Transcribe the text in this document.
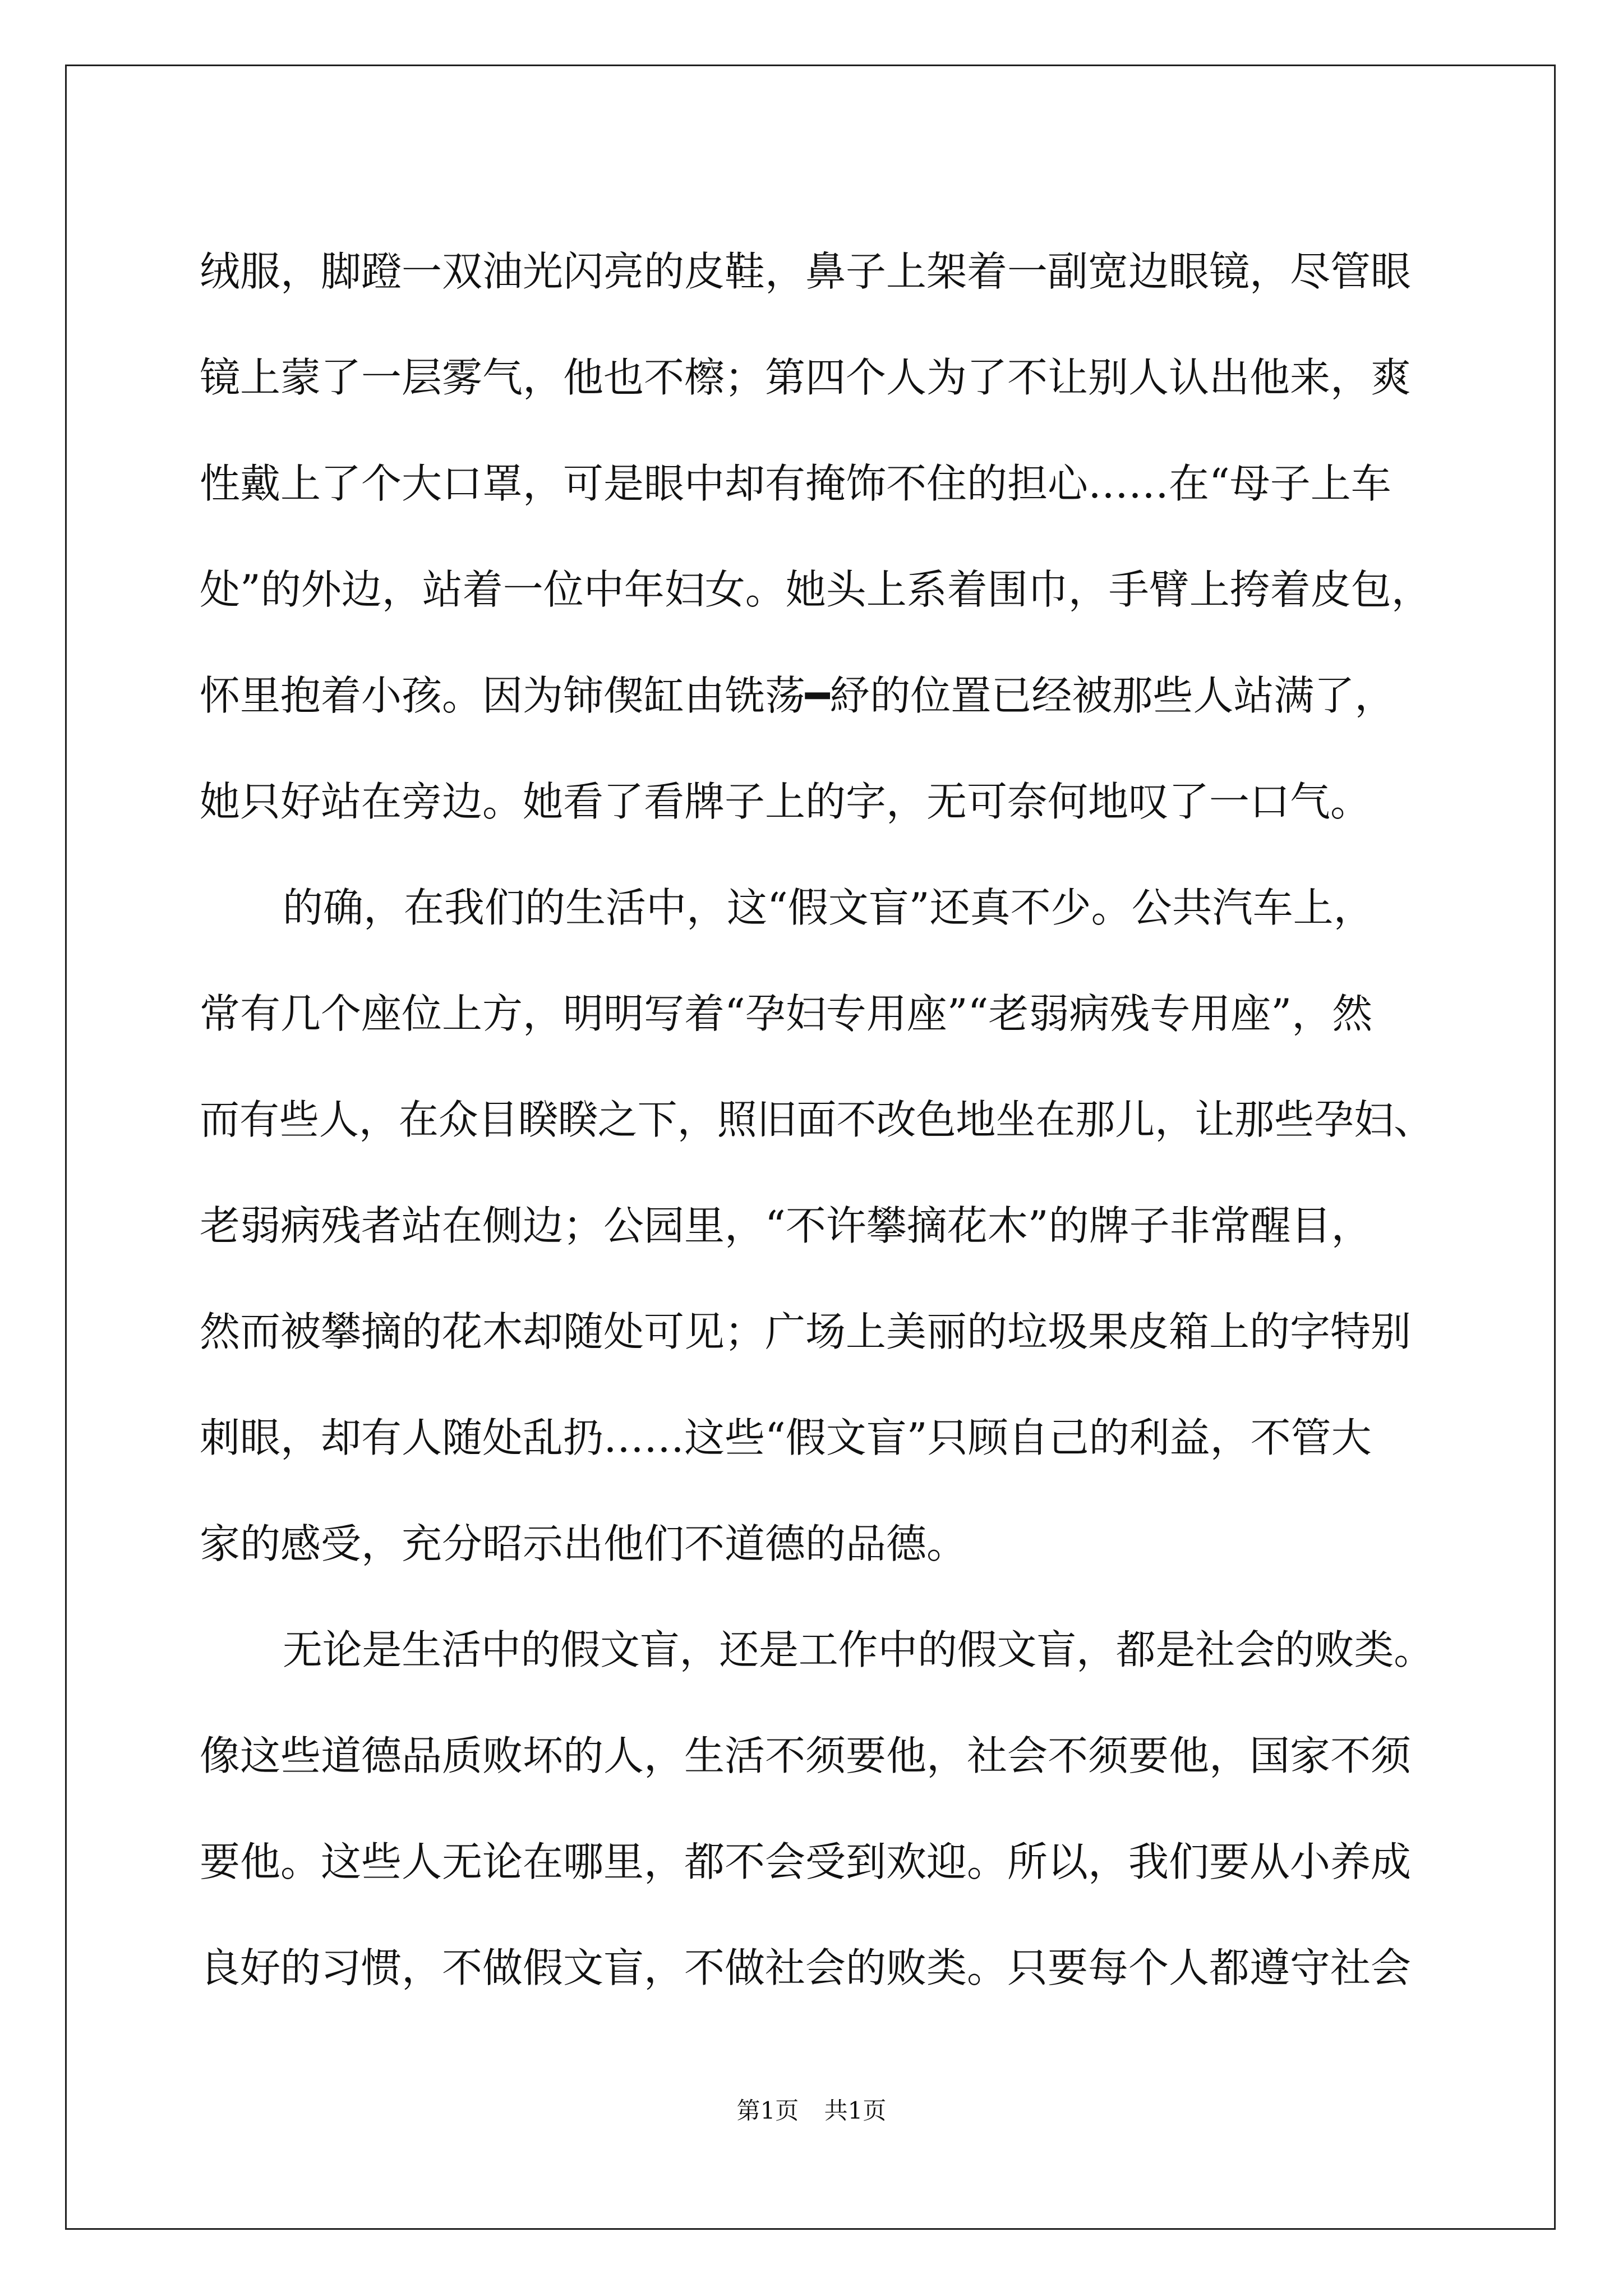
绒服，脚蹬一双油光闪亮的皮鞋，鼻子上架着一副宽边眼镜，尽管眼
镜上蒙了一层雾气，他也不檫；第四个人为了不让别人认出他来，爽
性戴上了个大口罩，可是眼中却有掩饰不住的担心……在“母子上车
处”的外边，站着一位中年妇女。她头上系着围巾，手臂上挎着皮包，
怀里抱着小孩。因为铈偰缸由铣荡━紓的位置已经被那些人站满了，
她只好站在旁边。她看了看牌子上的字，无可奈何地叹了一口气。
的确，在我们的生活中，这“假文盲”还真不少。公共汽车上，
常有几个座位上方，明明写着“孕妇专用座”“老弱病残专用座”，然
而有些人，在众目睽睽之下，照旧面不改色地坐在那儿，让那些孕妇、
老弱病残者站在侧边；公园里，“不许攀摘花木”的牌子非常醒目，
然而被攀摘的花木却随处可见；广场上美丽的垃圾果皮箱上的字特别
刺眼，却有人随处乱扔……这些“假文盲”只顾自己的利益，不管大
家的感受，充分昭示出他们不道德的品德。
无论是生活中的假文盲，还是工作中的假文盲，都是社会的败类。
像这些道德品质败坏的人，生活不须要他，社会不须要他，国家不须
要他。这些人无论在哪里，都不会受到欢迎。所以，我们要从小养成
良好的习惯，不做假文盲，不做社会的败类。只要每个人都遵守社会
第1页 共1页
